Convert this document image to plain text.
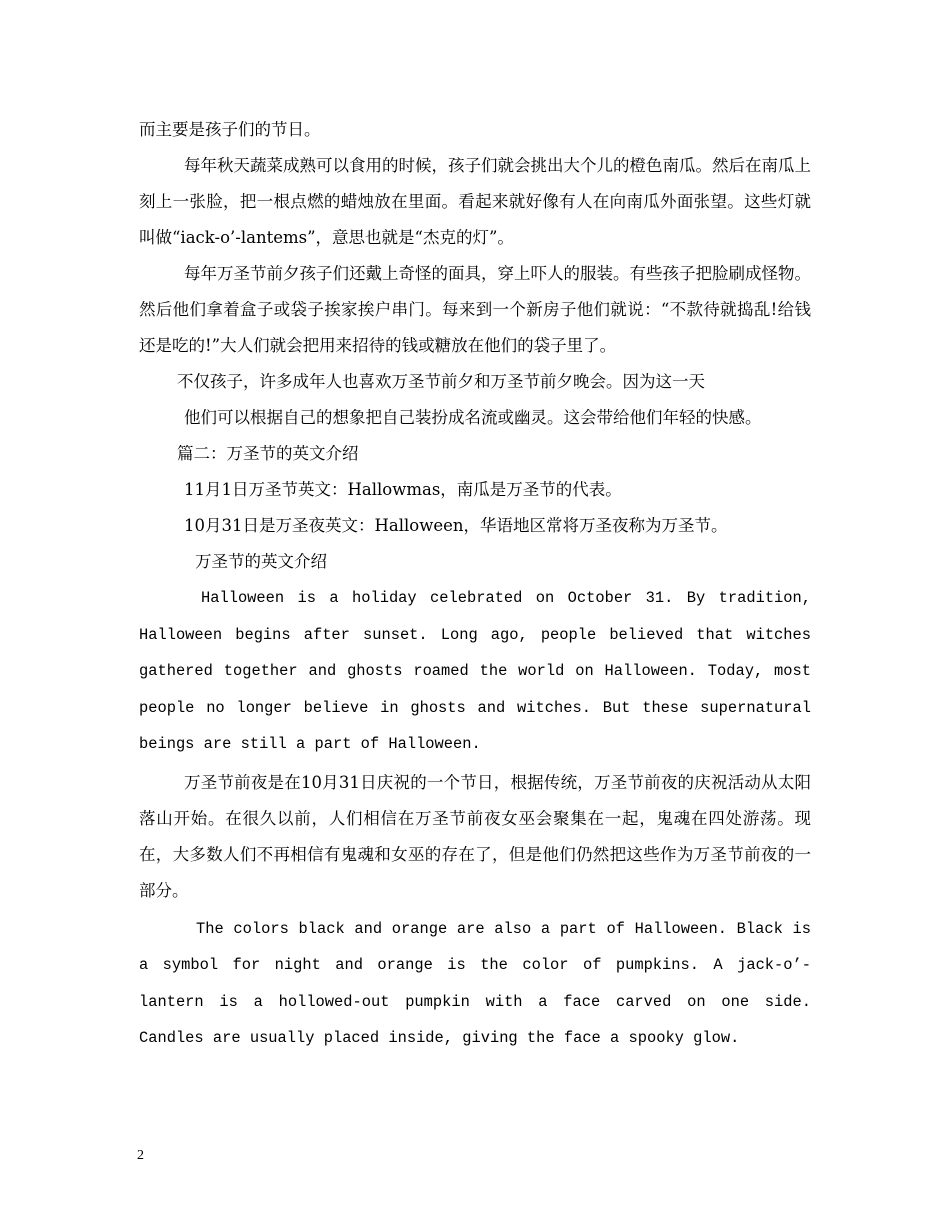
而主要是孩子们的节日。

每年秋天蔬菜成熟可以食用的时候，孩子们就会挑出大个儿的橙色南瓜。然后在南瓜上刻上一张脸，把一根点燃的蜡烛放在里面。看起来就好像有人在向南瓜外面张望。这些灯就叫做“iack-o’-lantems”，意思也就是“杰克的灯”。

每年万圣节前夕孩子们还戴上奇怪的面具，穿上吓人的服装。有些孩子把脸刷成怪物。然后他们拿着盒子或袋子挨家挨户串门。每来到一个新房子他们就说：“不款待就捣乱!给钱还是吃的!”大人们就会把用来招待的钱或糖放在他们的袋子里了。

不仅孩子，许多成年人也喜欢万圣节前夕和万圣节前夕晚会。因为这一天

他们可以根据自己的想象把自己装扮成名流或幽灵。这会带给他们年轻的快感。

篇二：万圣节的英文介绍

11月1日万圣节英文：Hallowmas，南瓜是万圣节的代表。

10月31日是万圣夜英文：Halloween，华语地区常将万圣夜称为万圣节。

万圣节的英文介绍

Halloween is a holiday celebrated on October 31. By tradition, Halloween begins after sunset. Long ago, people believed that witches gathered together and ghosts roamed the world on Halloween. Today, most people no longer believe in ghosts and witches. But these supernatural beings are still a part of Halloween.

万圣节前夜是在10月31日庆祝的一个节日，根据传统，万圣节前夜的庆祝活动从太阳落山开始。在很久以前，人们相信在万圣节前夜女巫会聚集在一起，鬼魂在四处游荡。现在，大多数人们不再相信有鬼魂和女巫的存在了，但是他们仍然把这些作为万圣节前夜的一部分。

The colors black and orange are also a part of Halloween. Black is a symbol for night and orange is the color of pumpkins. A jack-o’-lantern is a hollowed-out pumpkin with a face carved on one side. Candles are usually placed inside, giving the face a spooky glow.

2
